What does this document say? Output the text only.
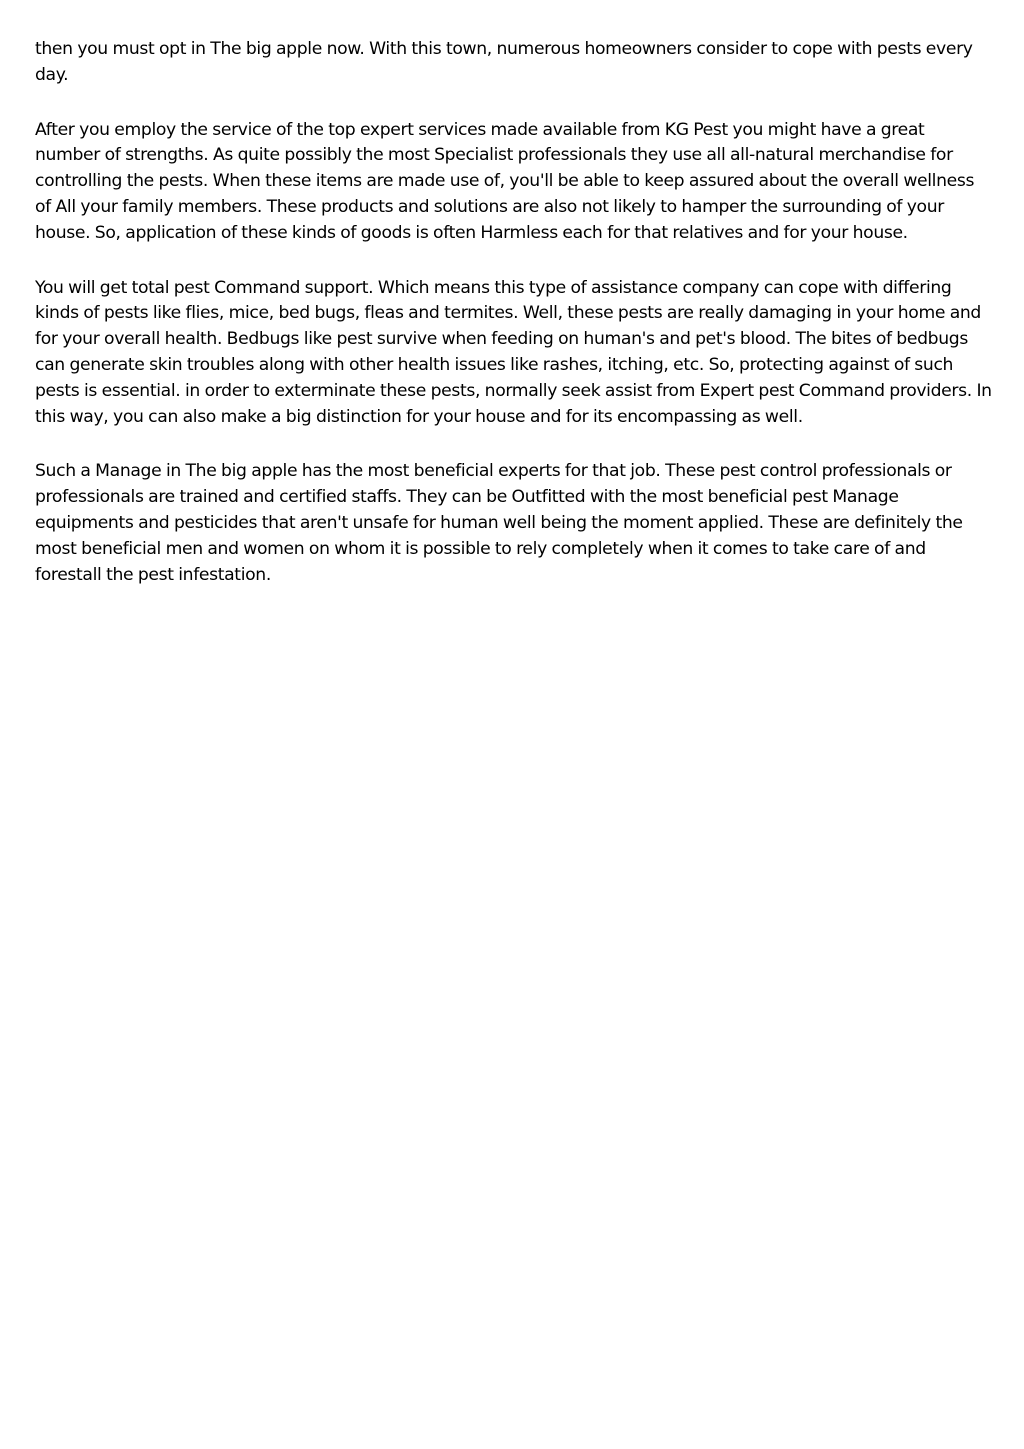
then you must opt in The big apple now. With this town, numerous homeowners consider to cope with pests every day.

After you employ the service of the top expert services made available from KG Pest you might have a great number of strengths. As quite possibly the most Specialist professionals they use all all-natural merchandise for controlling the pests. When these items are made use of, you'll be able to keep assured about the overall wellness of All your family members. These products and solutions are also not likely to hamper the surrounding of your house. So, application of these kinds of goods is often Harmless each for that relatives and for your house.

You will get total pest Command support. Which means this type of assistance company can cope with differing kinds of pests like flies, mice, bed bugs, fleas and termites. Well, these pests are really damaging in your home and for your overall health. Bedbugs like pest survive when feeding on human's and pet's blood. The bites of bedbugs can generate skin troubles along with other health issues like rashes, itching, etc. So, protecting against of such pests is essential. in order to exterminate these pests, normally seek assist from Expert pest Command providers. In this way, you can also make a big distinction for your house and for its encompassing as well.

Such a Manage in The big apple has the most beneficial experts for that job. These pest control professionals or professionals are trained and certified staffs. They can be Outfitted with the most beneficial pest Manage equipments and pesticides that aren't unsafe for human well being the moment applied. These are definitely the most beneficial men and women on whom it is possible to rely completely when it comes to take care of and forestall the pest infestation.
